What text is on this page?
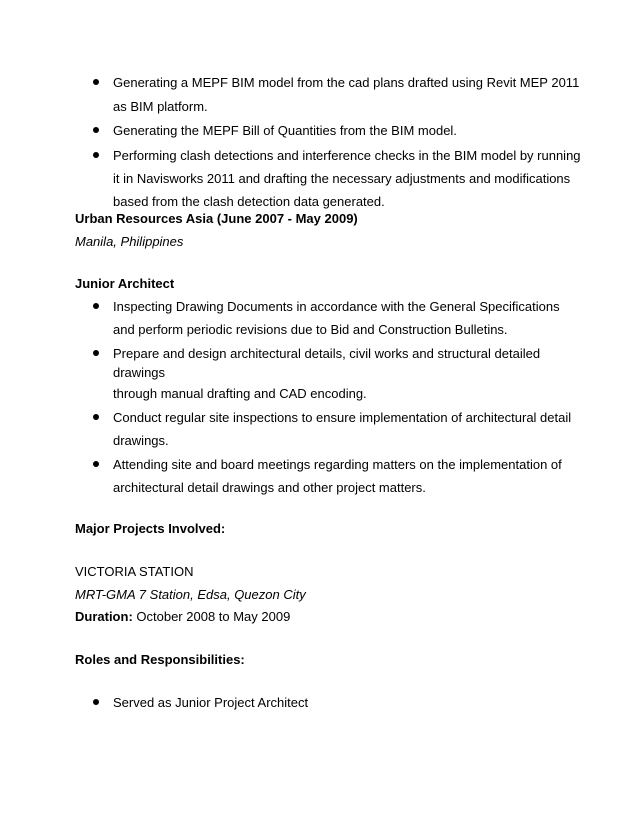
Generating a MEPF BIM model from the cad plans drafted using Revit MEP 2011
as BIM platform.
Generating the MEPF Bill of Quantities from the BIM model.
Performing clash detections and interference checks in the BIM model by running
it in Navisworks 2011 and drafting the necessary adjustments and modifications
based from the clash detection data generated.
Urban Resources Asia (June 2007 - May 2009)
Manila, Philippines
Junior Architect
Inspecting Drawing Documents in accordance with the General Specifications
and perform periodic revisions due to Bid and Construction Bulletins.
Prepare and design architectural details, civil works and structural detailed
drawings
through manual drafting and CAD encoding.
Conduct regular site inspections to ensure implementation of architectural detail
drawings.
Attending site and board meetings regarding matters on the implementation of
architectural detail drawings and other project matters.
Major Projects Involved:
VICTORIA STATION
MRT-GMA 7 Station, Edsa, Quezon City
Duration: October 2008 to May 2009
Roles and Responsibilities:
Served as Junior Project Architect
